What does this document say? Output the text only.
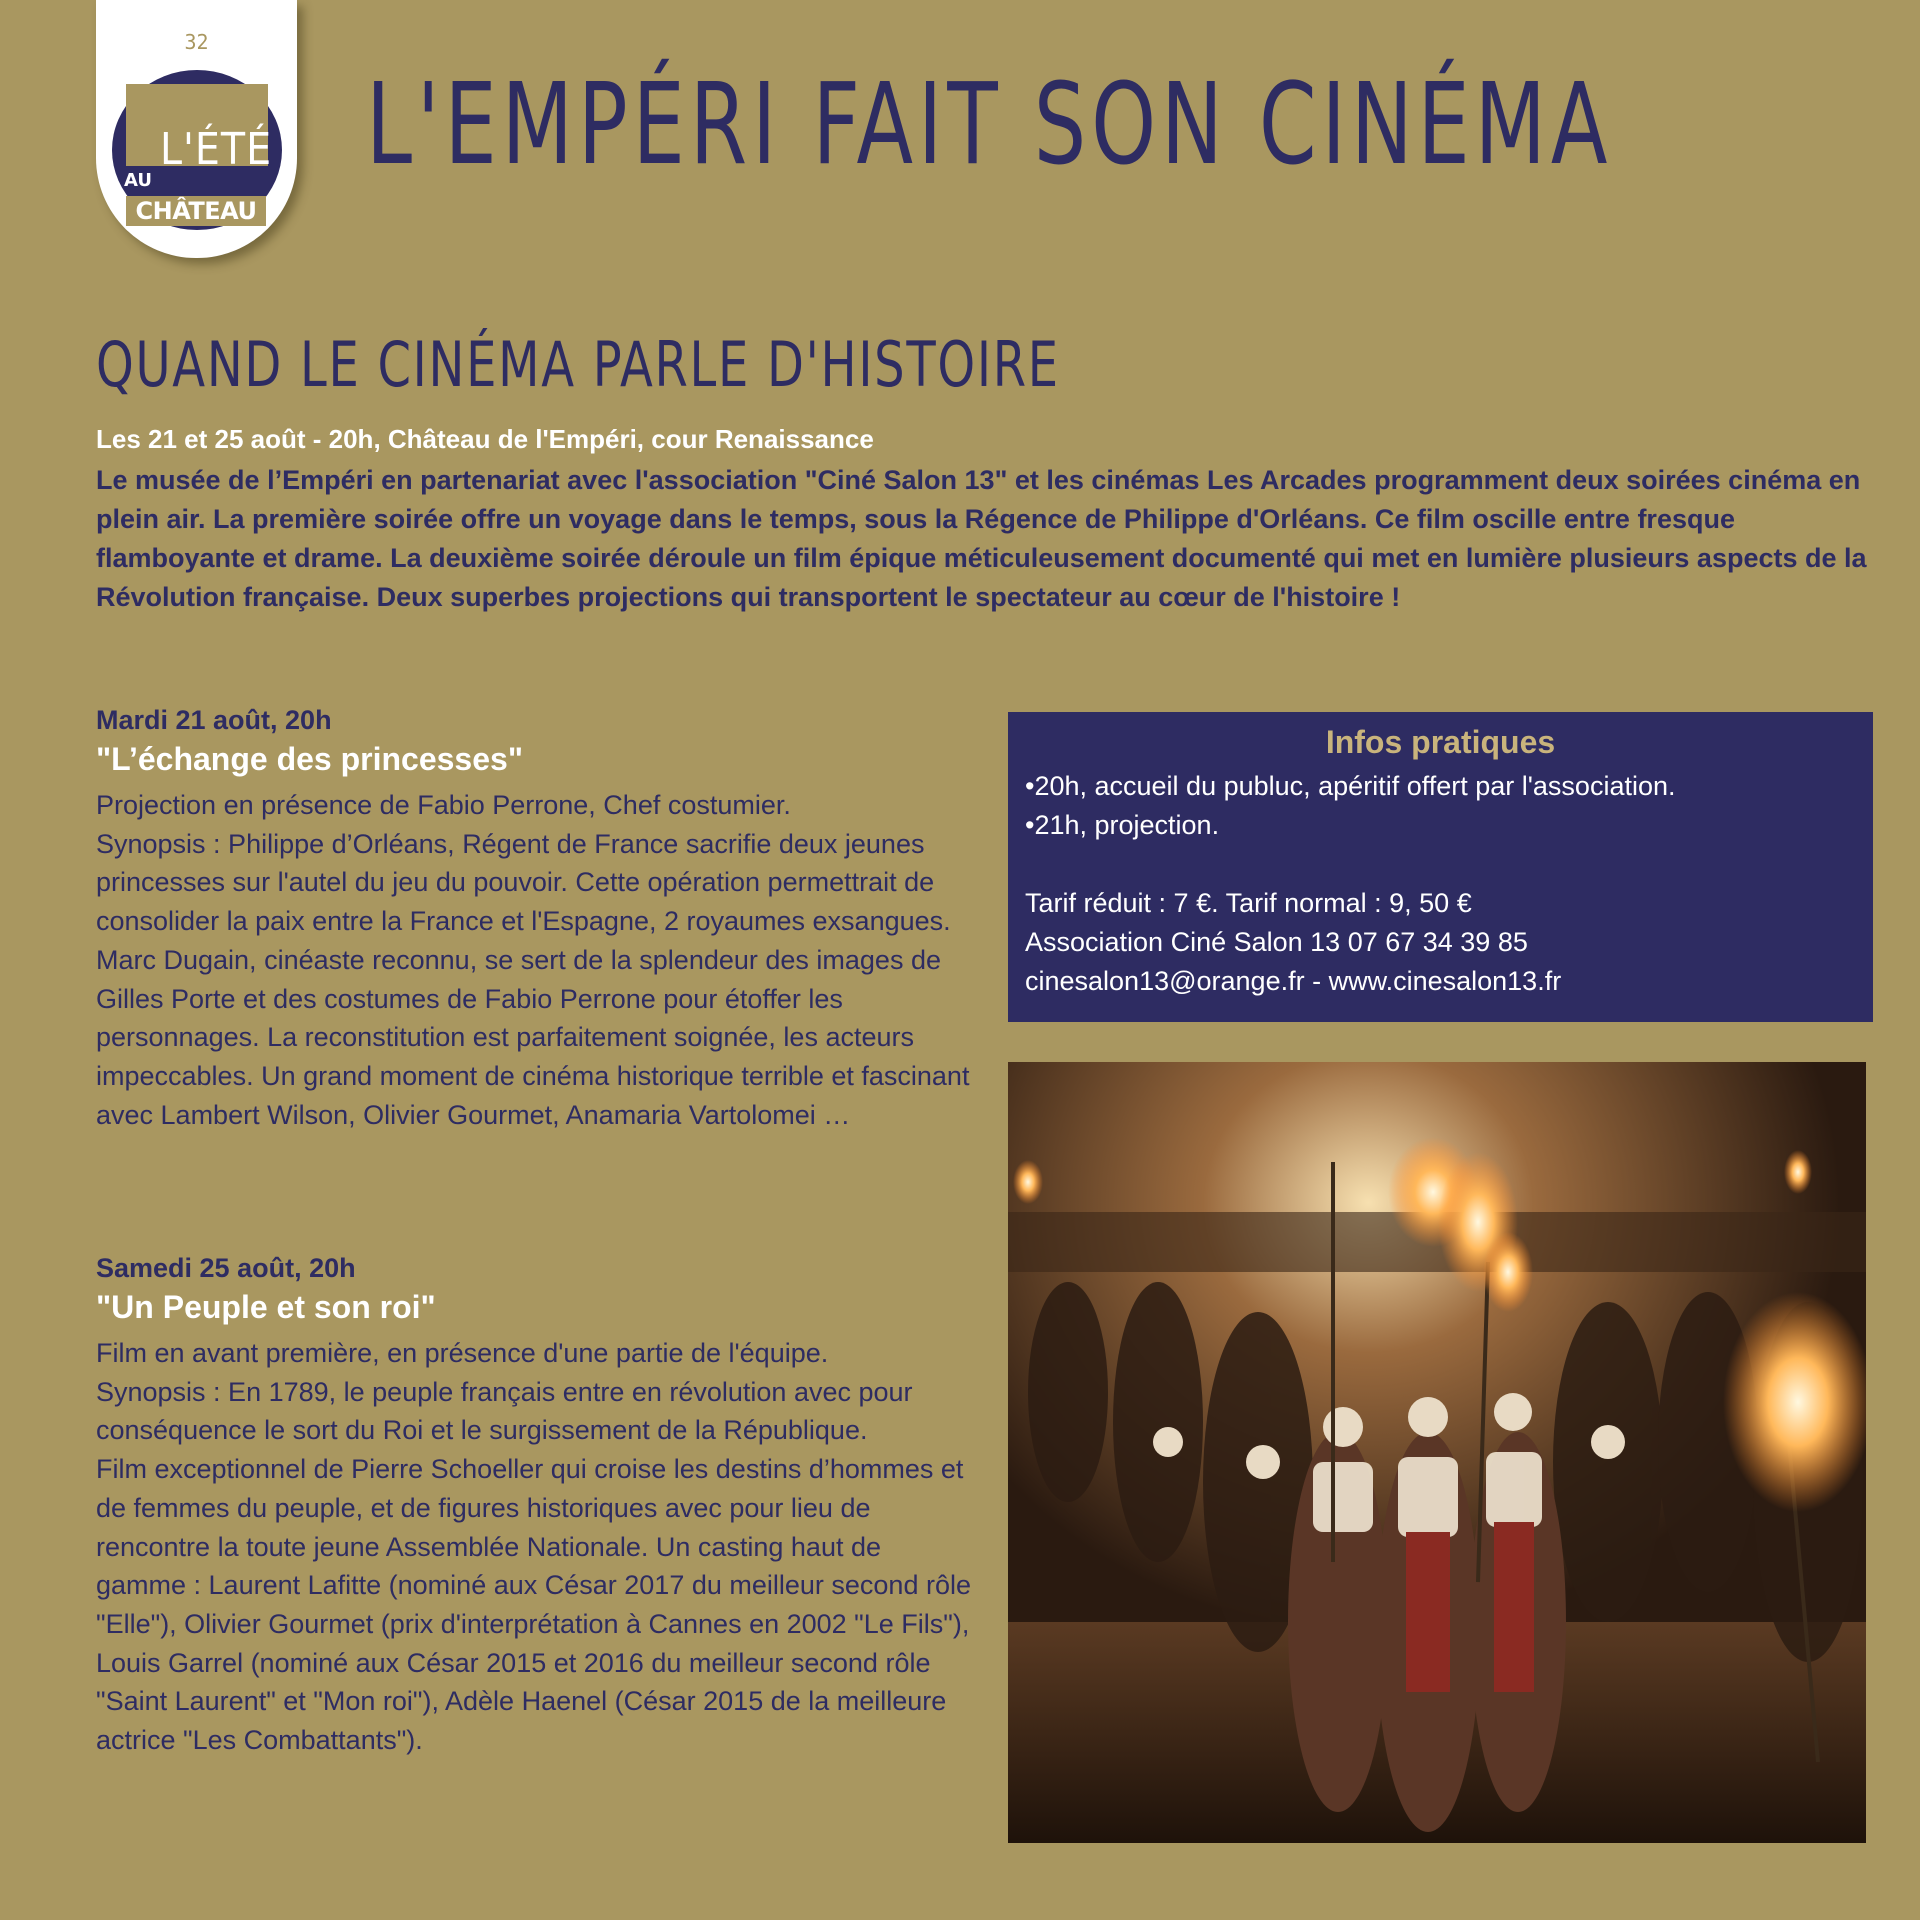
32
L'ÉTÉ
AU
CHÂTEAU
L'EMPÉRI FAIT SON CINÉMA
QUAND LE CINÉMA PARLE D'HISTOIRE
Les 21 et 25 août - 20h, Château de l'Empéri, cour Renaissance

Le musée de l’Empéri en partenariat avec l'association "Ciné Salon 13" et les cinémas Les Arcades programment deux soirées cinéma en plein air. La première soirée offre un voyage dans le temps, sous la Régence de Philippe d'Orléans. Ce film oscille entre fresque flamboyante et drame. La deuxième soirée déroule un film épique méticuleusement documenté qui met en lumière plusieurs aspects de la Révolution française. Deux superbes projections qui transportent le spectateur au cœur de l'histoire !

Mardi 21 août, 20h

"L’échange des princesses"

Projection en présence de Fabio Perrone, Chef costumier.
Synopsis : Philippe d’Orléans, Régent de France sacrifie deux jeunes princesses sur l'autel du jeu du pouvoir. Cette opération permettrait de consolider la paix entre la France et l'Espagne, 2 royaumes exsangues.
Marc Dugain, cinéaste reconnu, se sert de la splendeur des images de Gilles Porte et des costumes de Fabio Perrone pour étoffer les personnages. La reconstitution est parfaitement soignée, les acteurs impeccables. Un grand moment de cinéma historique terrible et fascinant avec Lambert Wilson, Olivier Gourmet, Anamaria Vartolomei …

Samedi 25 août, 20h

"Un Peuple et son roi"

Film en avant première, en présence d'une partie de l'équipe.
Synopsis : En 1789, le peuple français entre en révolution avec pour conséquence le sort du Roi et le surgissement de la République.
Film exceptionnel de Pierre Schoeller qui croise les destins d’hommes et de femmes du peuple, et de figures historiques avec pour lieu de rencontre la toute jeune Assemblée Nationale. Un casting haut de gamme : Laurent Lafitte (nominé aux César 2017 du meilleur second rôle "Elle"), Olivier Gourmet (prix d'interprétation à Cannes en 2002 "Le Fils"), Louis Garrel (nominé aux César 2015 et 2016 du meilleur second rôle "Saint Laurent" et "Mon roi"), Adèle Haenel (César 2015 de la meilleure actrice "Les Combattants").

Infos pratiques

•20h, accueil du publuc, apéritif offert par l'association.
•21h, projection.
Tarif réduit : 7 €. Tarif normal : 9, 50 €
Association Ciné Salon 13 07 67 34 39 85
cinesalon13@orange.fr - www.cinesalon13.fr
